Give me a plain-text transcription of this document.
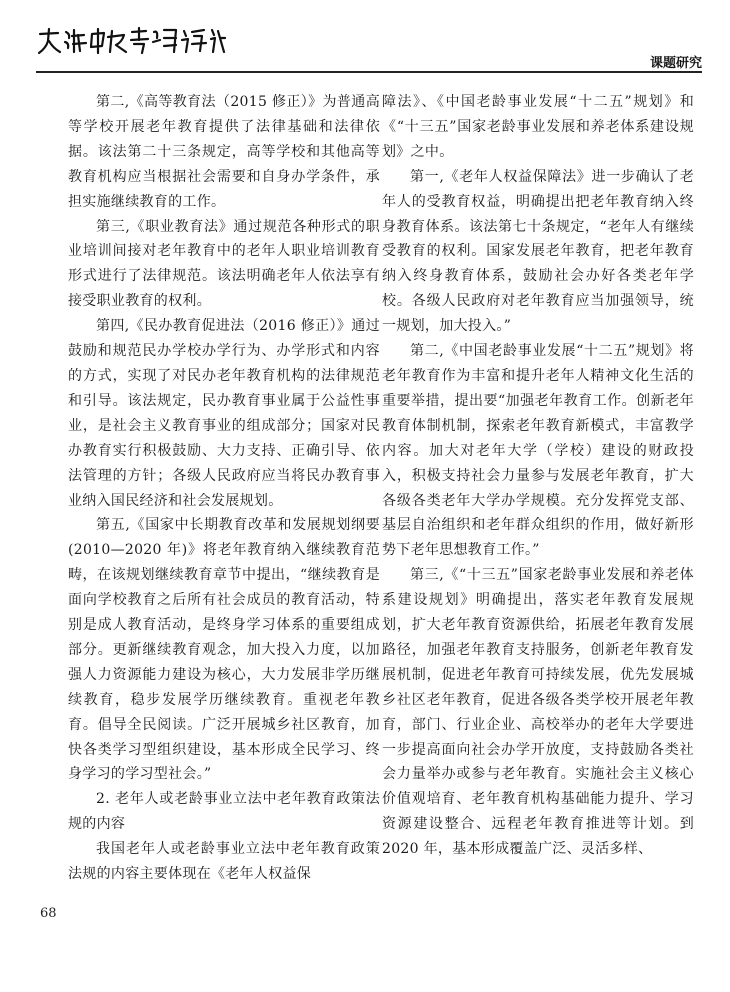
课题研究

第二,《高等教育法（2015 修正）》为普通高等学校开展老年教育提供了法律基础和法律依据。该法第二十三条规定，高等学校和其他高等教育机构应当根据社会需要和自身办学条件，承担实施继续教育的工作。

第三,《职业教育法》通过规范各种形式的职业培训间接对老年教育中的老年人职业培训教育形式进行了法律规范。该法明确老年人依法享有接受职业教育的权利。

第四,《民办教育促进法（2016 修正）》通过鼓励和规范民办学校办学行为、办学形式和内容的方式，实现了对民办老年教育机构的法律规范和引导。该法规定，民办教育事业属于公益性事业，是社会主义教育事业的组成部分；国家对民办教育实行积极鼓励、大力支持、正确引导、依法管理的方针；各级人民政府应当将民办教育事业纳入国民经济和社会发展规划。

第五,《国家中长期教育改革和发展规划纲要(2010—2020 年)》将老年教育纳入继续教育范畴，在该规划继续教育章节中提出，“继续教育是面向学校教育之后所有社会成员的教育活动，特别是成人教育活动，是终身学习体系的重要组成部分。更新继续教育观念，加大投入力度，以加强人力资源能力建设为核心，大力发展非学历继续教育，稳步发展学历继续教育。重视老年教育。倡导全民阅读。广泛开展城乡社区教育，加快各类学习型组织建设，基本形成全民学习、终身学习的学习型社会。”

2. 老年人或老龄事业立法中老年教育政策法规的内容

我国老年人或老龄事业立法中老年教育政策法规的内容主要体现在《老年人权益保

障法》、《中国老龄事业发展“十二五”规划》和 《“十三五”国家老龄事业发展和养老体系建设规划》之中。

第一,《老年人权益保障法》进一步确认了老年人的受教育权益，明确提出把老年教育纳入终身教育体系。该法第七十条规定，“老年人有继续受教育的权利。国家发展老年教育，把老年教育纳入终身教育体系，鼓励社会办好各类老年学校。各级人民政府对老年教育应当加强领导，统一规划，加大投入。”

第二,《中国老龄事业发展“十二五”规划》将老年教育作为丰富和提升老年人精神文化生活的重要举措，提出要“加强老年教育工作。创新老年教育体制机制，探索老年教育新模式，丰富教学内容。加大对老年大学（学校）建设的财政投入，积极支持社会力量参与发展老年教育，扩大各级各类老年大学办学规模。充分发挥党支部、基层自治组织和老年群众组织的作用，做好新形势下老年思想教育工作。”

第三,《“十三五”国家老龄事业发展和养老体系建设规划》明确提出，落实老年教育发展规划，扩大老年教育资源供给，拓展老年教育发展路径，加强老年教育支持服务，创新老年教育发展机制，促进老年教育可持续发展，优先发展城乡社区老年教育，促进各级各类学校开展老年教育，部门、行业企业、高校举办的老年大学要进一步提高面向社会办学开放度，支持鼓励各类社会力量举办或参与老年教育。实施社会主义核心价值观培育、老年教育机构基础能力提升、学习资源建设整合、远程老年教育推进等计划。到 2020 年，基本形成覆盖广泛、灵活多样、

68
